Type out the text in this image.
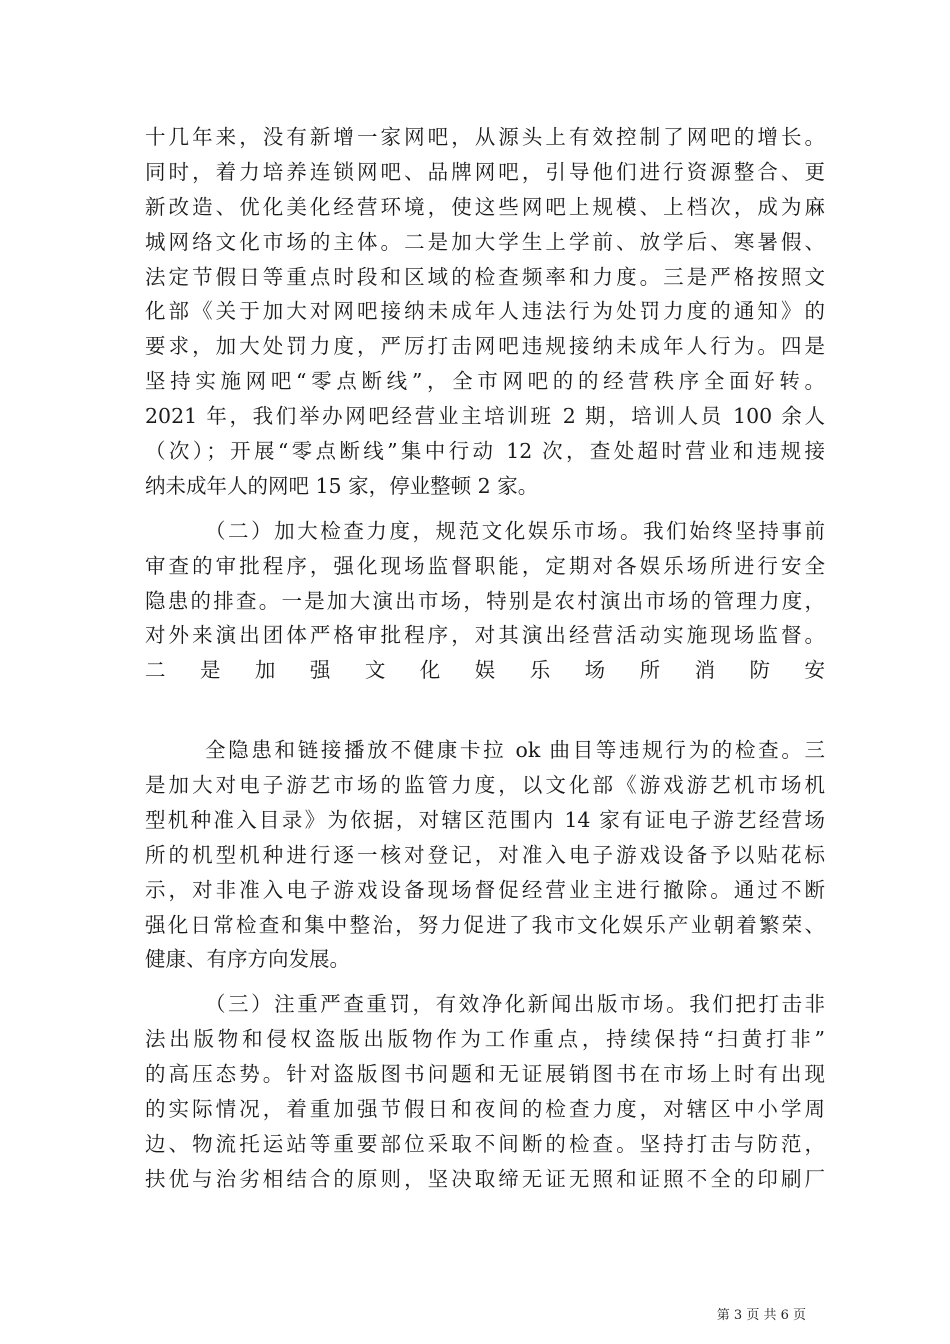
十几年来，没有新增一家网吧，从源头上有效控制了网吧的增长。
同时，着力培养连锁网吧、品牌网吧，引导他们进行资源整合、更
新改造、优化美化经营环境，使这些网吧上规模、上档次，成为麻
城网络文化市场的主体。二是加大学生上学前、放学后、寒暑假、
法定节假日等重点时段和区域的检查频率和力度。三是严格按照文
化部《关于加大对网吧接纳未成年人违法行为处罚力度的通知》的
要求，加大处罚力度，严厉打击网吧违规接纳未成年人行为。四是
坚持实施网吧“零点断线”，全市网吧的的经营秩序全面好转。
2021 年，我们举办网吧经营业主培训班 2 期，培训人员 100 余人
（次）；开展“零点断线”集中行动 12 次，查处超时营业和违规接
纳未成年人的网吧 15 家，停业整顿 2 家。
（二）加大检查力度，规范文化娱乐市场。我们始终坚持事前
审查的审批程序，强化现场监督职能，定期对各娱乐场所进行安全
隐患的排查。一是加大演出市场，特别是农村演出市场的管理力度，
对外来演出团体严格审批程序，对其演出经营活动实施现场监督。
二是加强文化娱乐场所消防安
全隐患和链接播放不健康卡拉 ok 曲目等违规行为的检查。三
是加大对电子游艺市场的监管力度，以文化部《游戏游艺机市场机
型机种准入目录》为依据，对辖区范围内 14 家有证电子游艺经营场
所的机型机种进行逐一核对登记，对准入电子游戏设备予以贴花标
示，对非准入电子游戏设备现场督促经营业主进行撤除。通过不断
强化日常检查和集中整治，努力促进了我市文化娱乐产业朝着繁荣、
健康、有序方向发展。
（三）注重严查重罚，有效净化新闻出版市场。我们把打击非
法出版物和侵权盗版出版物作为工作重点，持续保持“扫黄打非”
的高压态势。针对盗版图书问题和无证展销图书在市场上时有出现
的实际情况，着重加强节假日和夜间的检查力度，对辖区中小学周
边、物流托运站等重要部位采取不间断的检查。坚持打击与防范，
扶优与治劣相结合的原则，坚决取缔无证无照和证照不全的印刷厂
第 3 页 共 6 页
